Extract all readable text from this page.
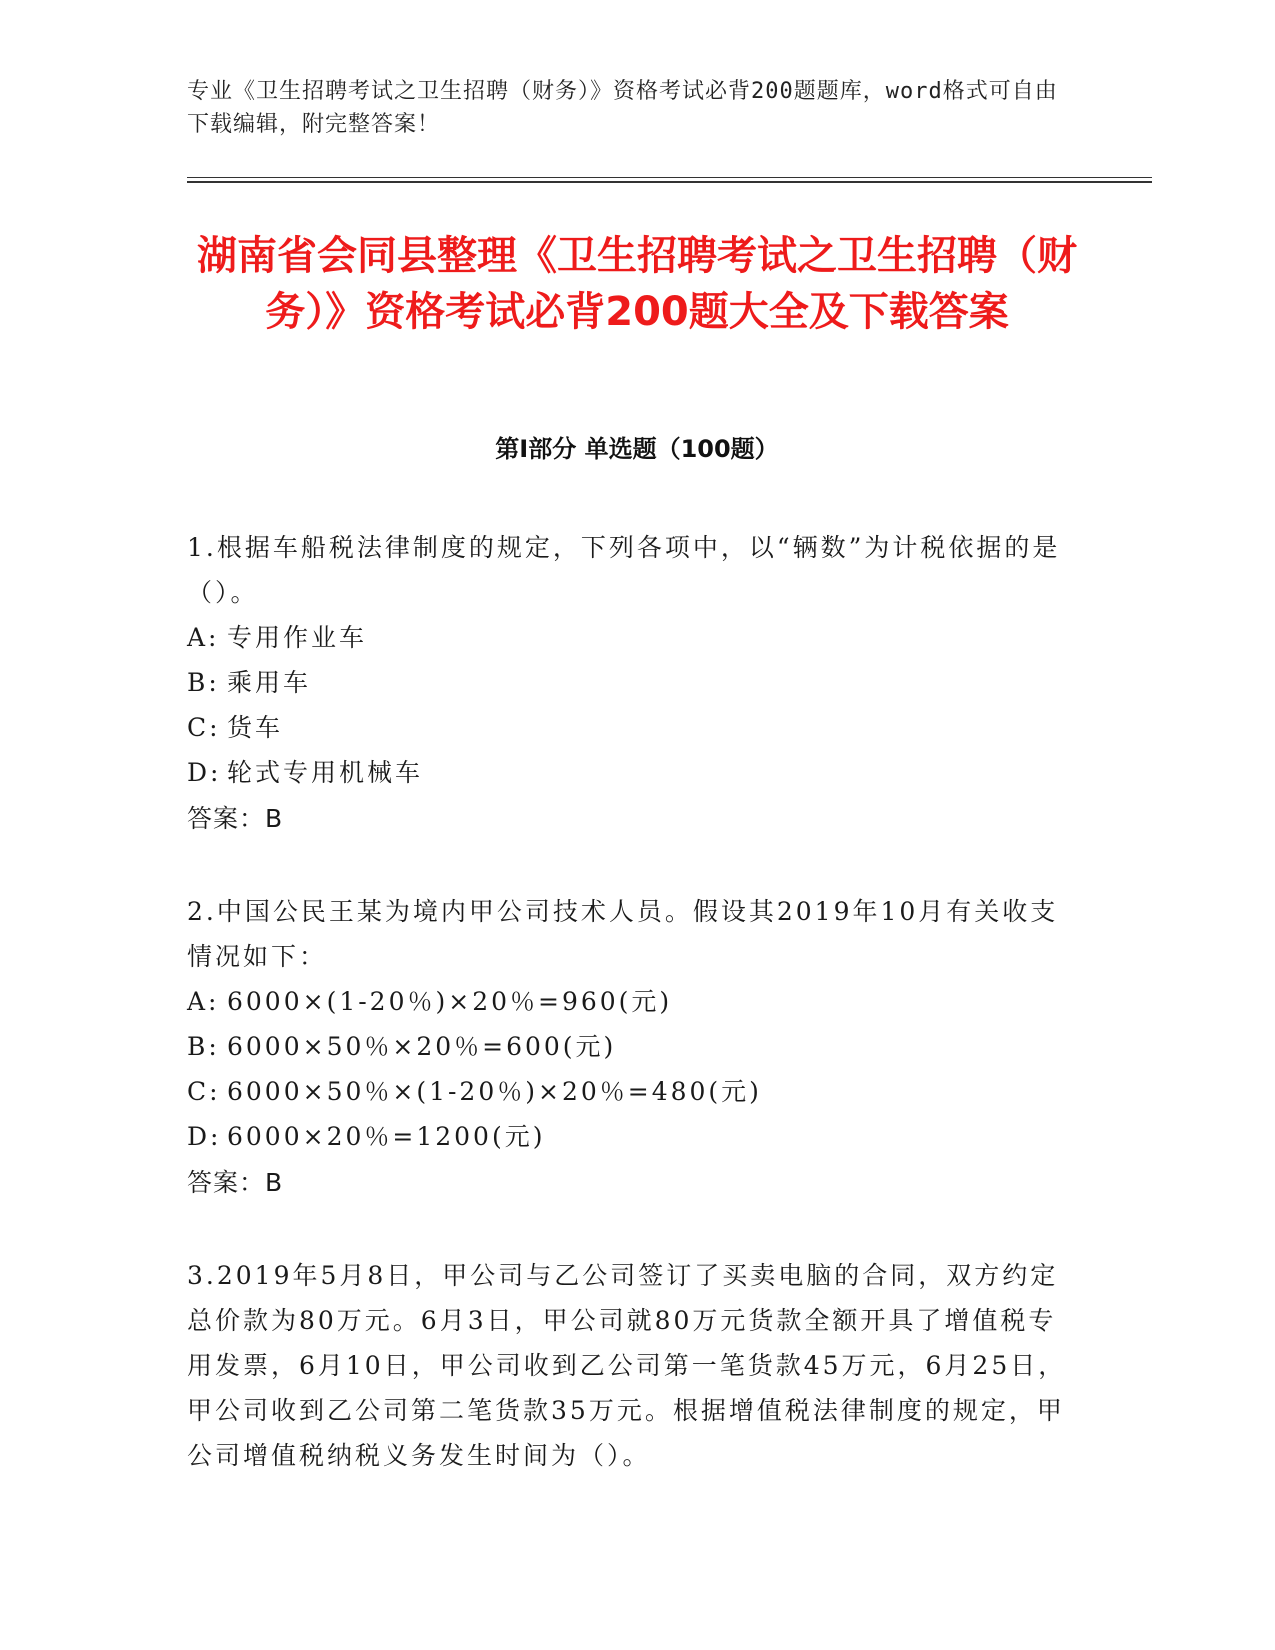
专业《卫生招聘考试之卫生招聘（财务）》资格考试必背200题题库，word格式可自由下载编辑，附完整答案！
湖南省会同县整理《卫生招聘考试之卫生招聘（财务）》资格考试必背200题大全及下载答案
第Ⅰ部分 单选题（100题）
1.根据车船税法律制度的规定，下列各项中，以“辆数”为计税依据的是（）。
A: 专用作业车
B: 乘用车
C: 货车
D: 轮式专用机械车
答案：B
2.中国公民王某为境内甲公司技术人员。假设其2019年10月有关收支情况如下：
A: 6000×(1-20％)×20％=960(元)
B: 6000×50％×20％=600(元)
C: 6000×50％×(1-20％)×20％=480(元)
D: 6000×20％=1200(元)
答案：B
3.2019年5月8日，甲公司与乙公司签订了买卖电脑的合同，双方约定总价款为80万元。6月3日，甲公司就80万元货款全额开具了增值税专用发票，6月10日，甲公司收到乙公司第一笔货款45万元，6月25日，甲公司收到乙公司第二笔货款35万元。根据增值税法律制度的规定，甲公司增值税纳税义务发生时间为（）。
